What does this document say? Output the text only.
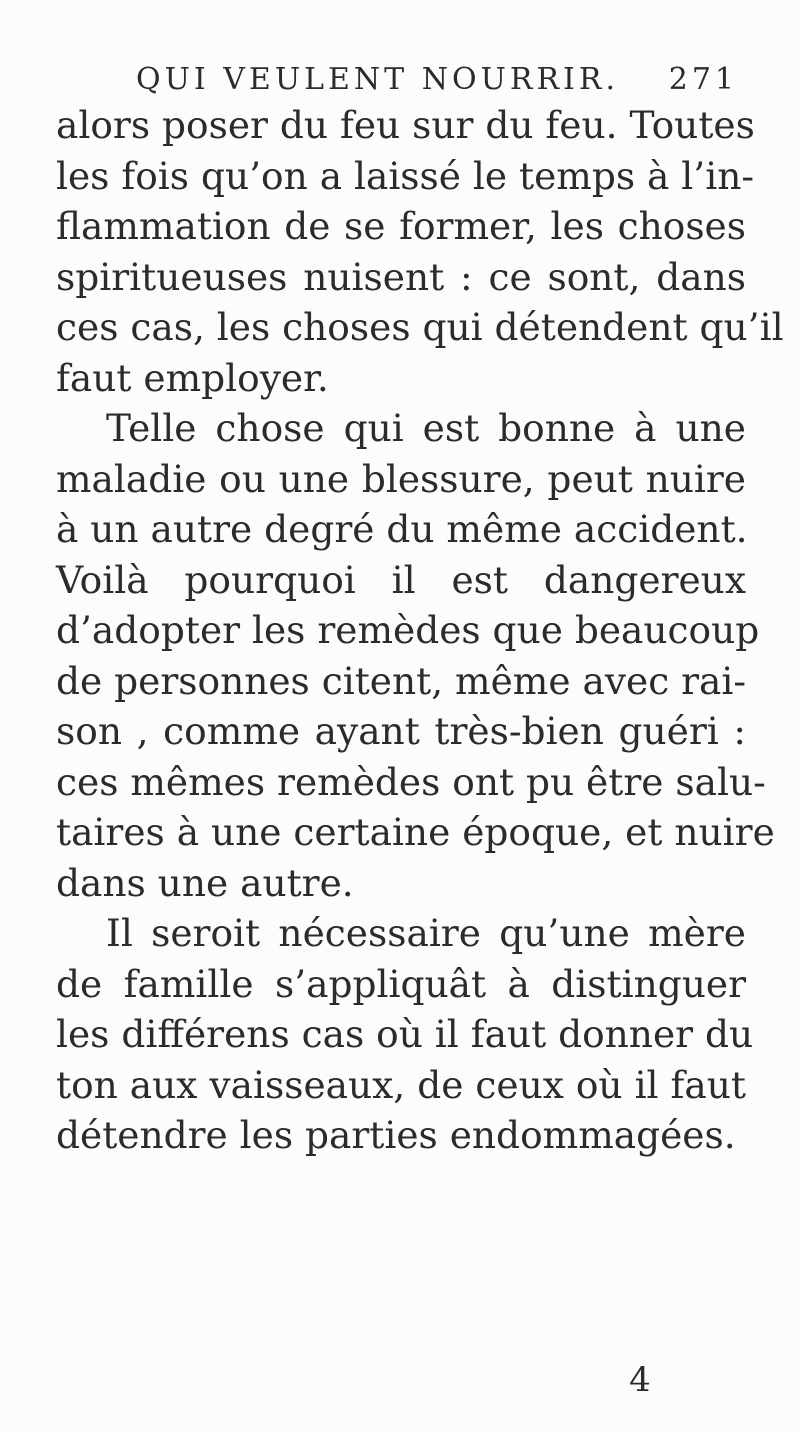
QUI VEULENT NOURRIR. 271
alors poser du feu sur du feu. Toutes
les fois qu’on a laissé le temps à l’in-
flammation de se former, les choses
spiritueuses nuisent : ce sont, dans
ces cas, les choses qui détendent qu’il
faut employer.
Telle chose qui est bonne à une
maladie ou une blessure, peut nuire
à un autre degré du même accident.
Voilà pourquoi il est dangereux
d’adopter les remèdes que beaucoup
de personnes citent, même avec rai-
son , comme ayant très-bien guéri :
ces mêmes remèdes ont pu être salu-
taires à une certaine époque, et nuire
dans une autre.
Il seroit nécessaire qu’une mère
de famille s’appliquât à distinguer
les différens cas où il faut donner du
ton aux vaisseaux, de ceux où il faut
détendre les parties endommagées.
4
